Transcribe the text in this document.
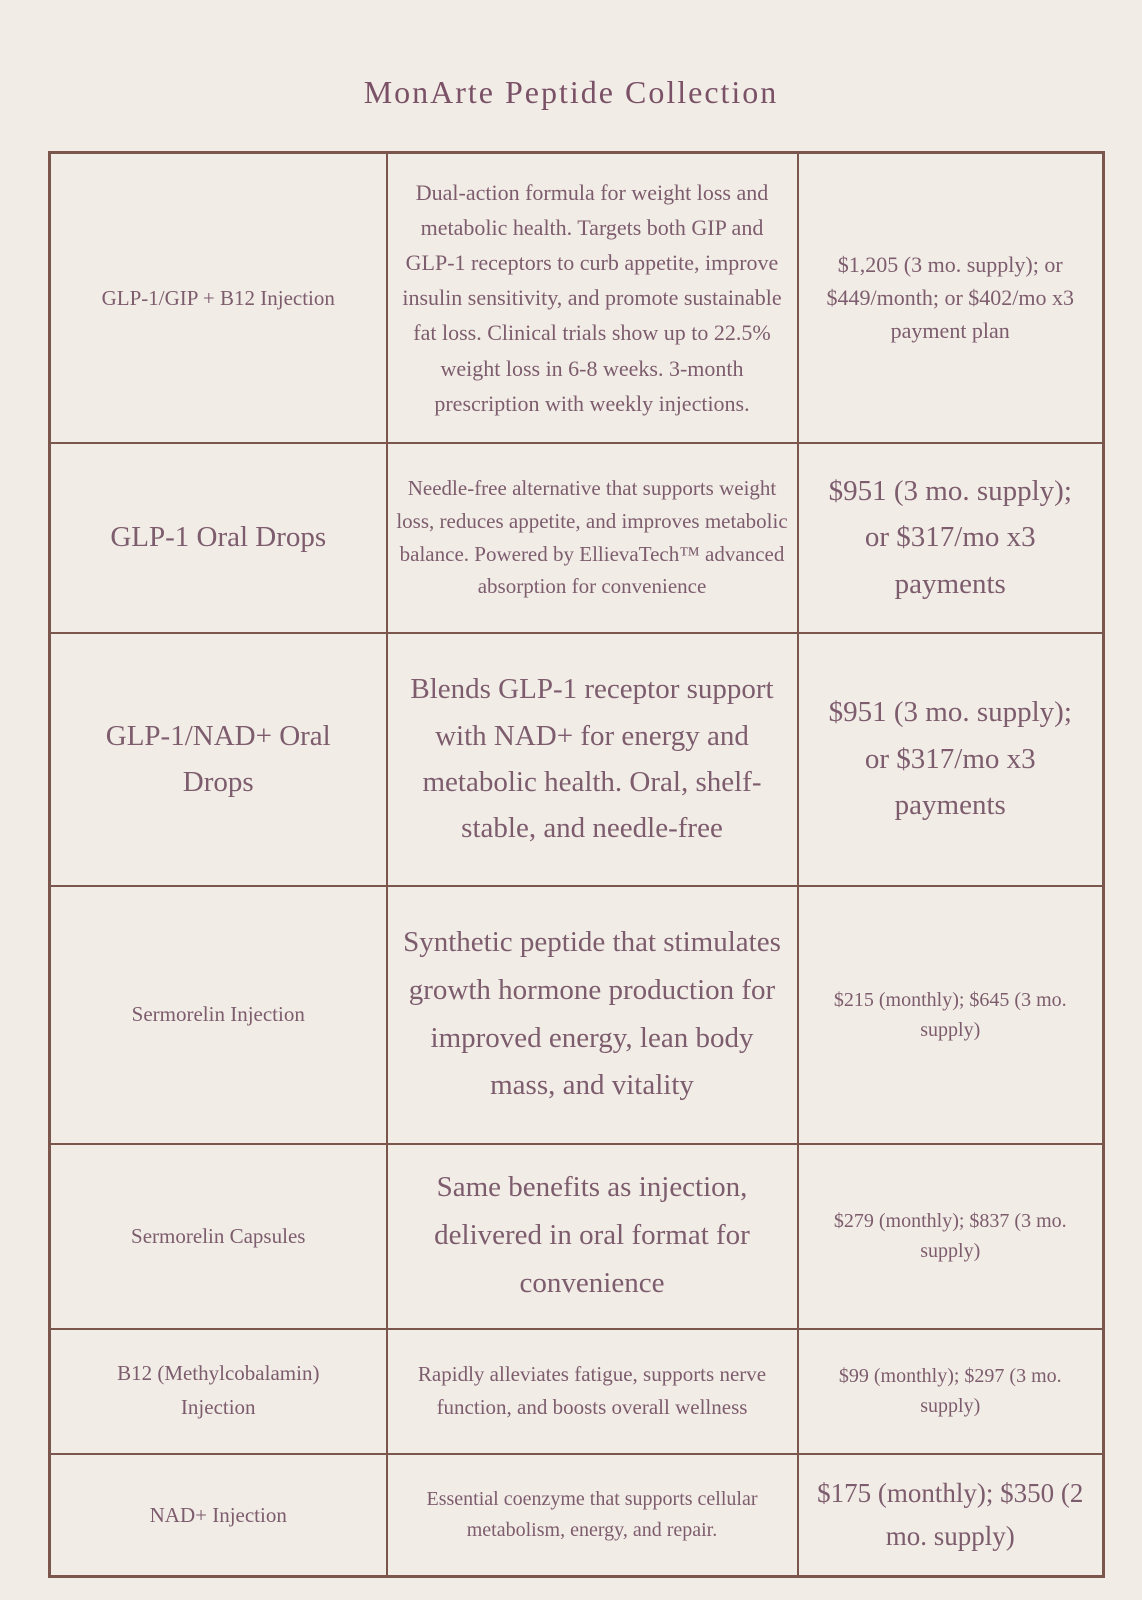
MonArte Peptide Collection
GLP-1/GIP + B12 Injection	Dual-action formula for weight loss and metabolic health. Targets both GIP and GLP-1 receptors to curb appetite, improve insulin sensitivity, and promote sustainable fat loss. Clinical trials show up to 22.5% weight loss in 6-8 weeks. 3-month prescription with weekly injections.	$1,205 (3 mo. supply); or $449/month; or $402/mo x3 payment plan
GLP-1 Oral Drops	Needle-free alternative that supports weight loss, reduces appetite, and improves metabolic balance. Powered by EllievaTech™ advanced absorption for convenience	$951 (3 mo. supply); or $317/mo x3 payments
GLP-1/NAD+ Oral Drops	Blends GLP-1 receptor support with NAD+ for energy and metabolic health. Oral, shelf-stable, and needle-free	$951 (3 mo. supply); or $317/mo x3 payments
Sermorelin Injection	Synthetic peptide that stimulates growth hormone production for improved energy, lean body mass, and vitality	$215 (monthly); $645 (3 mo. supply)
Sermorelin Capsules	Same benefits as injection, delivered in oral format for convenience	$279 (monthly); $837 (3 mo. supply)
B12 (Methylcobalamin) Injection	Rapidly alleviates fatigue, supports nerve function, and boosts overall wellness	$99 (monthly); $297 (3 mo. supply)
NAD+ Injection	Essential coenzyme that supports cellular metabolism, energy, and repair.	$175 (monthly); $350 (2 mo. supply)
